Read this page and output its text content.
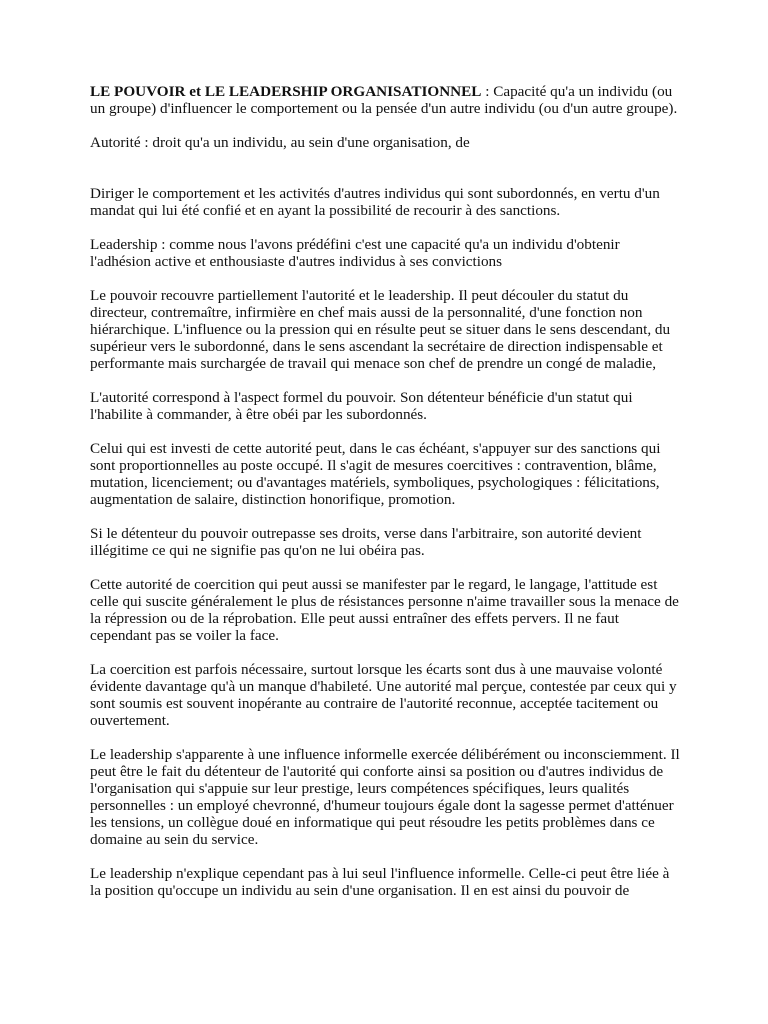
LE POUVOIR et LE LEADERSHIP ORGANISATIONNEL : Capacité qu'a un individu (ou un groupe) d'influencer le comportement ou la pensée d'un autre individu (ou d'un autre groupe).

Autorité : droit qu'a un individu, au sein d'une organisation, de

Diriger le comportement et les activités d'autres individus qui sont subordonnés, en vertu d'un mandat qui lui été confié et en ayant la possibilité de recourir à des sanctions.

Leadership : comme nous l'avons prédéfini c'est une capacité qu'a un individu d'obtenir l'adhésion active et enthousiaste d'autres individus à ses convictions

Le pouvoir recouvre partiellement l'autorité et le leadership. Il peut découler du statut du directeur, contremaître, infirmière en chef mais aussi de la personnalité, d'une fonction non hiérarchique. L'influence ou la pression qui en résulte peut se situer dans le sens descendant, du supérieur vers le subordonné, dans le sens ascendant la secrétaire de direction indispensable et performante mais surchargée de travail qui menace son chef de prendre un congé de maladie,

L'autorité correspond à l'aspect formel du pouvoir. Son détenteur bénéficie d'un statut qui l'habilite à commander, à être obéi par les subordonnés.

Celui qui est investi de cette autorité peut, dans le cas échéant, s'appuyer sur des sanctions qui sont proportionnelles au poste occupé. Il s'agit de mesures coercitives : contravention, blâme, mutation, licenciement; ou d'avantages matériels, symboliques, psychologiques : félicitations, augmentation de salaire, distinction honorifique, promotion.

Si le détenteur du pouvoir outrepasse ses droits, verse dans l'arbitraire, son autorité devient illégitime ce qui ne signifie pas qu'on ne lui obéira pas.

Cette autorité de coercition qui peut aussi se manifester par le regard, le langage, l'attitude est celle qui suscite généralement le plus de résistances personne n'aime travailler sous la menace de la répression ou de la réprobation. Elle peut aussi entraîner des effets pervers. Il ne faut cependant pas se voiler la face.

La coercition est parfois nécessaire, surtout lorsque les écarts sont dus à une mauvaise volonté évidente davantage qu'à un manque d'habileté. Une autorité mal perçue, contestée par ceux qui y sont soumis est souvent inopérante au contraire de l'autorité reconnue, acceptée tacitement ou ouvertement.

Le leadership s'apparente à une influence informelle exercée délibérément ou inconsciemment. Il peut être le fait du détenteur de l'autorité qui conforte ainsi sa position ou d'autres individus de l'organisation qui s'appuie sur leur prestige, leurs compétences spécifiques, leurs qualités personnelles : un employé chevronné, d'humeur toujours égale dont la sagesse permet d'atténuer les tensions, un collègue doué en informatique qui peut résoudre les petits problèmes dans ce domaine au sein du service.

Le leadership n'explique cependant pas à lui seul l'influence informelle. Celle-ci peut être liée à la position qu'occupe un individu au sein d'une organisation. Il en est ainsi du pouvoir de
